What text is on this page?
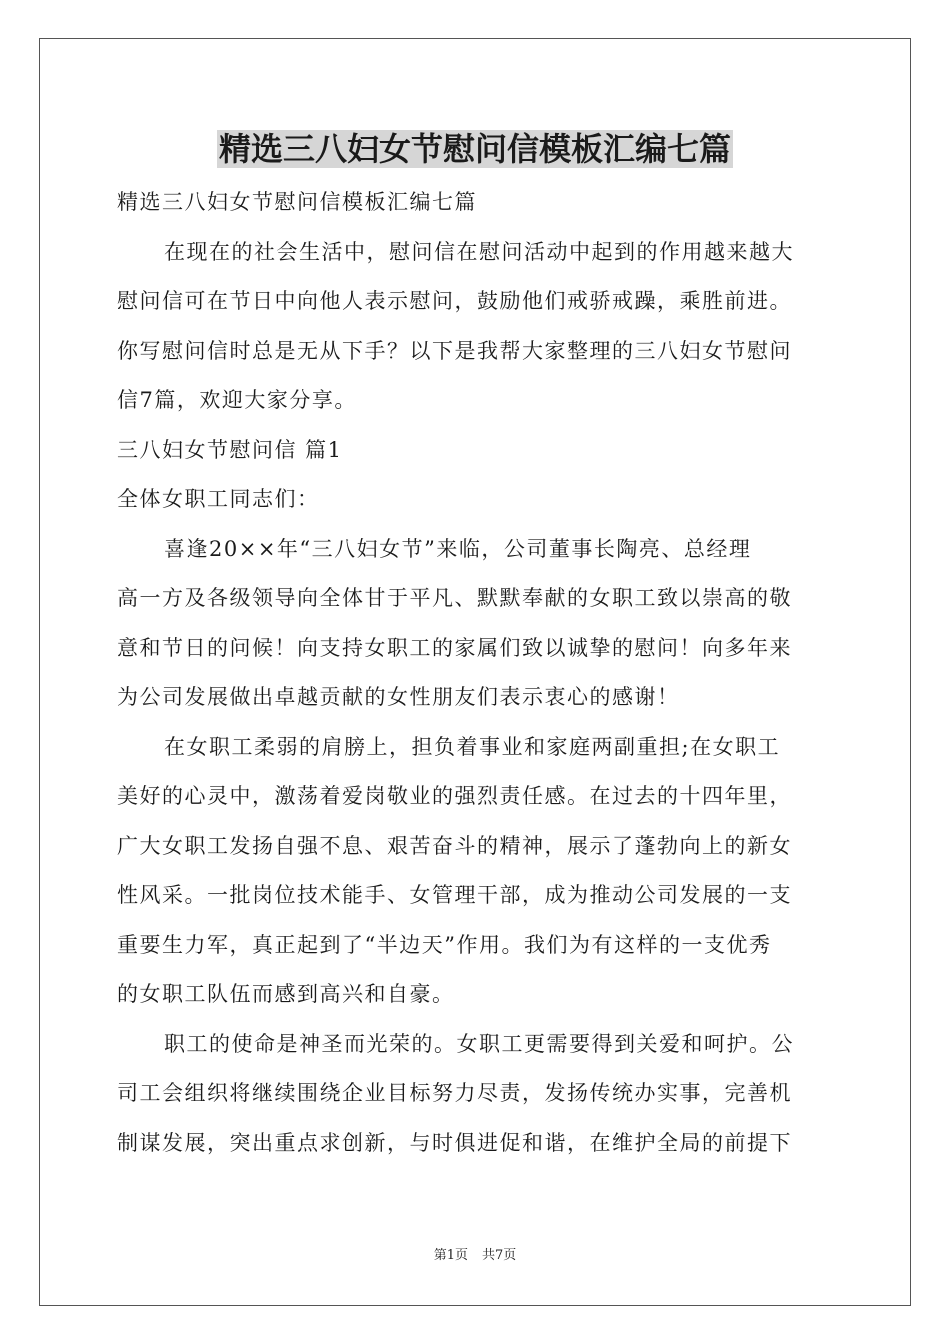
精选三八妇女节慰问信模板汇编七篇

精选三八妇女节慰问信模板汇编七篇

在现在的社会生活中，慰问信在慰问活动中起到的作用越来越大

慰问信可在节日中向他人表示慰问，鼓励他们戒骄戒躁，乘胜前进。

你写慰问信时总是无从下手？以下是我帮大家整理的三八妇女节慰问

信7篇，欢迎大家分享。

三八妇女节慰问信 篇1

全体女职工同志们：

喜逢20××年“三八妇女节”来临，公司董事长陶亮、总经理

高一方及各级领导向全体甘于平凡、默默奉献的女职工致以崇高的敬

意和节日的问候！向支持女职工的家属们致以诚挚的慰问！向多年来

为公司发展做出卓越贡献的女性朋友们表示衷心的感谢！

在女职工柔弱的肩膀上，担负着事业和家庭两副重担;在女职工

美好的心灵中，激荡着爱岗敬业的强烈责任感。在过去的十四年里，

广大女职工发扬自强不息、艰苦奋斗的精神，展示了蓬勃向上的新女

性风采。一批岗位技术能手、女管理干部，成为推动公司发展的一支

重要生力军，真正起到了“半边天”作用。我们为有这样的一支优秀

的女职工队伍而感到高兴和自豪。

职工的使命是神圣而光荣的。女职工更需要得到关爱和呵护。公

司工会组织将继续围绕企业目标努力尽责，发扬传统办实事，完善机

制谋发展，突出重点求创新，与时俱进促和谐，在维护全局的前提下

第1页 共7页
